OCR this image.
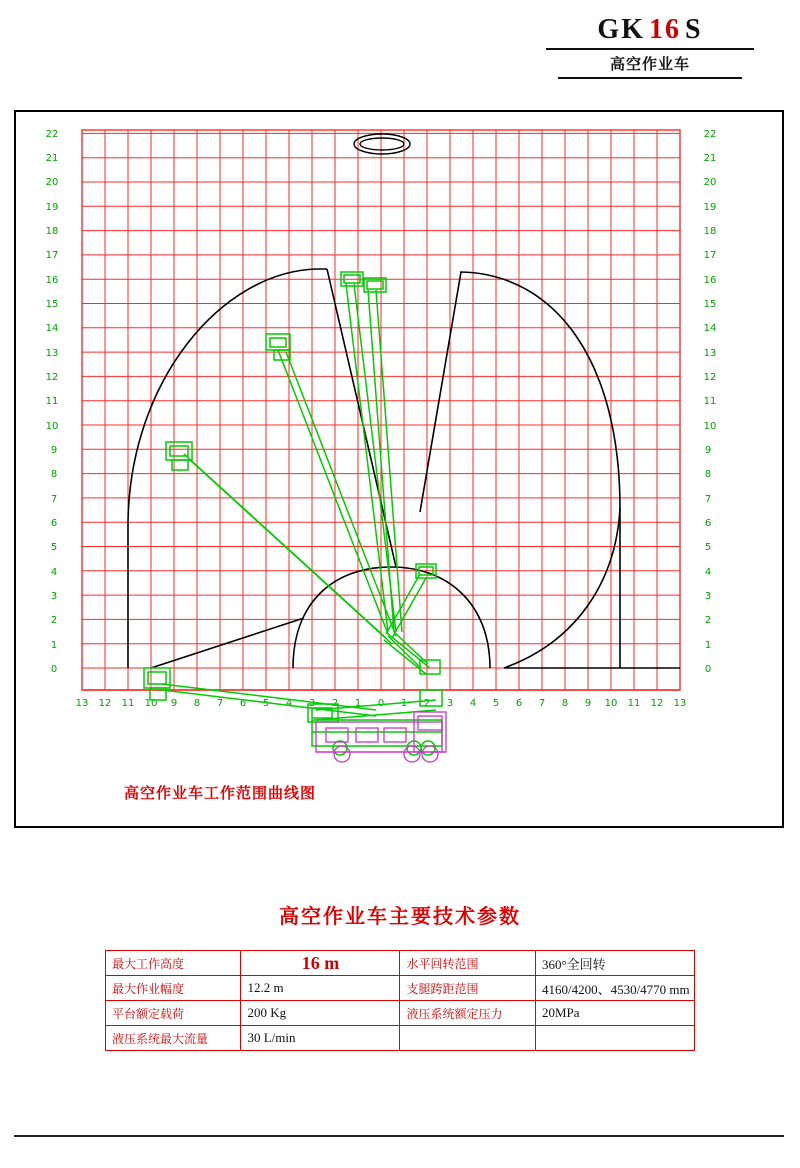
GK 16 S
高空作业车
22
21
20
19
18
17
16
15
14
13
12
11
10
9
8
7
6
5
4
3
2
1
0
22
21
20
19
18
17
16
15
14
13
12
11
10
9
8
7
6
5
4
3
2
1
0
13 12 11 10 9 8 7 6 5 4 3 2 1 0 1 2 3 4 5 6 7 8 9 10 11 12 13
高空作业车工作范围曲线图
高空作业车主要技术参数
最大工作高度	16 m	水平回转范围	360°全回转
最大作业幅度	12.2 m	支腿跨距范围	4160/4200、4530/4770 mm
平台额定载荷	200 Kg	液压系统额定压力	20MPa
液压系统最大流量	30 L/min		
